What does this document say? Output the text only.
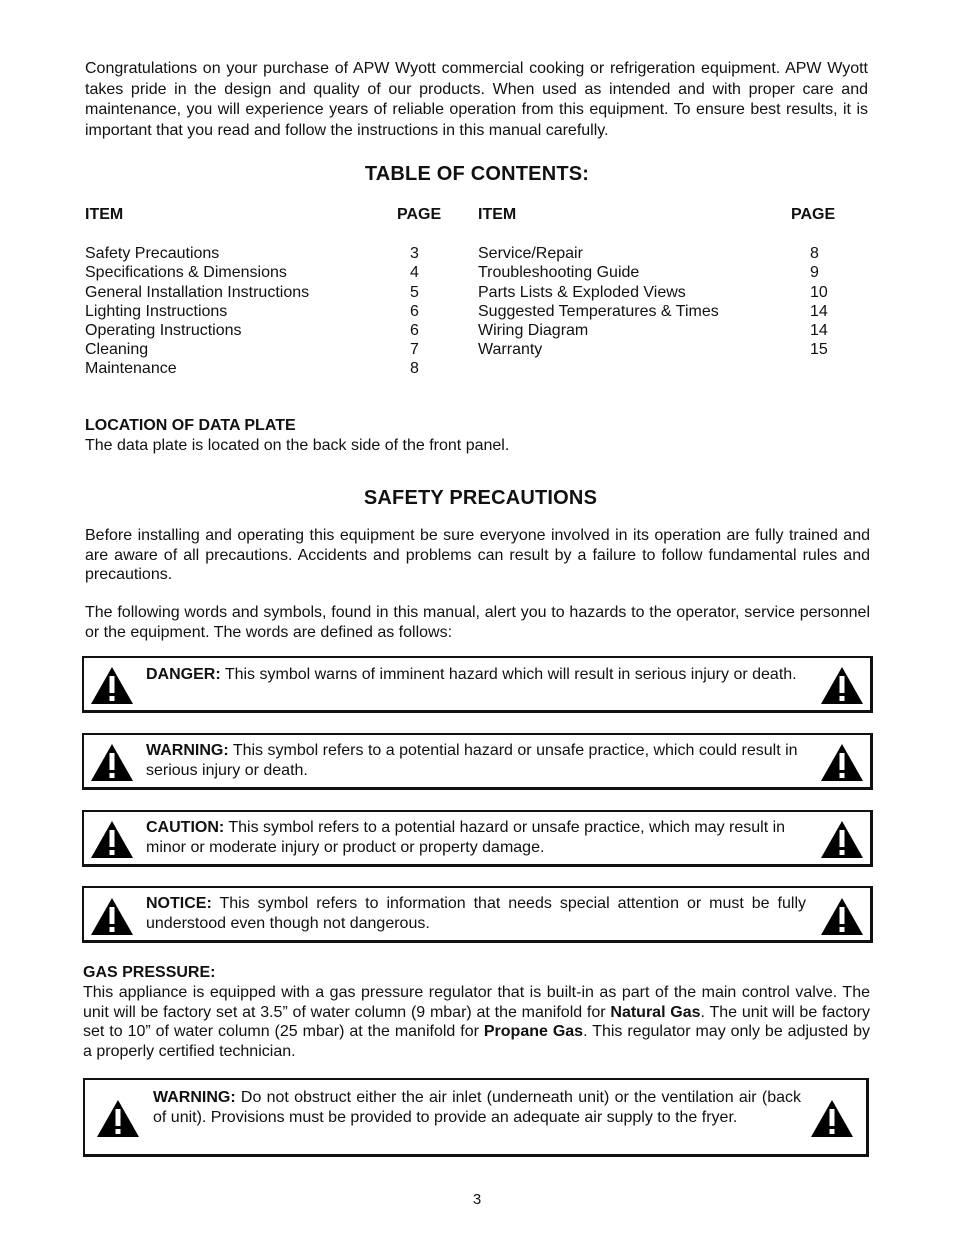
Congratulations on your purchase of APW Wyott commercial cooking or refrigeration equipment. APW Wyott takes pride in the design and quality of our products. When used as intended and with proper care and maintenance, you will experience years of reliable operation from this equipment. To ensure best results, it is important that you read and follow the instructions in this manual carefully.

TABLE OF CONTENTS:
ITEM	PAGE ITEM	PAGE
Safety Precautions	3
Specifications & Dimensions	4
General Installation Instructions	5
Lighting Instructions	6
Operating Instructions	6
Cleaning	7
Maintenance	8
Service/Repair	8
Troubleshooting Guide	9
Parts Lists & Exploded Views	10
Suggested Temperatures & Times	14
Wiring Diagram	14
Warranty	15
LOCATION OF DATA PLATE
The data plate is located on the back side of the front panel.
SAFETY PRECAUTIONS

Before installing and operating this equipment be sure everyone involved in its operation are fully trained and are aware of all precautions. Accidents and problems can result by a failure to follow fundamental rules and precautions.

The following words and symbols, found in this manual, alert you to hazards to the operator, service personnel or the equipment. The words are defined as follows:

DANGER: This symbol warns of imminent hazard which will result in serious injury or death.
WARNING: This symbol refers to a potential hazard or unsafe practice, which could result in serious injury or death.
CAUTION: This symbol refers to a potential hazard or unsafe practice, which may result in minor or moderate injury or product or property damage.
NOTICE: This symbol refers to information that needs special attention or must be fully understood even though not dangerous.
GAS PRESSURE:

This appliance is equipped with a gas pressure regulator that is built-in as part of the main control valve. The unit will be factory set at 3.5” of water column (9 mbar) at the manifold for Natural Gas. The unit will be factory set to 10” of water column (25 mbar) at the manifold for Propane Gas. This regulator may only be adjusted by a properly certified technician.

WARNING: Do not obstruct either the air inlet (underneath unit) or the ventilation air (back of unit). Provisions must be provided to provide an adequate air supply to the fryer.
3
